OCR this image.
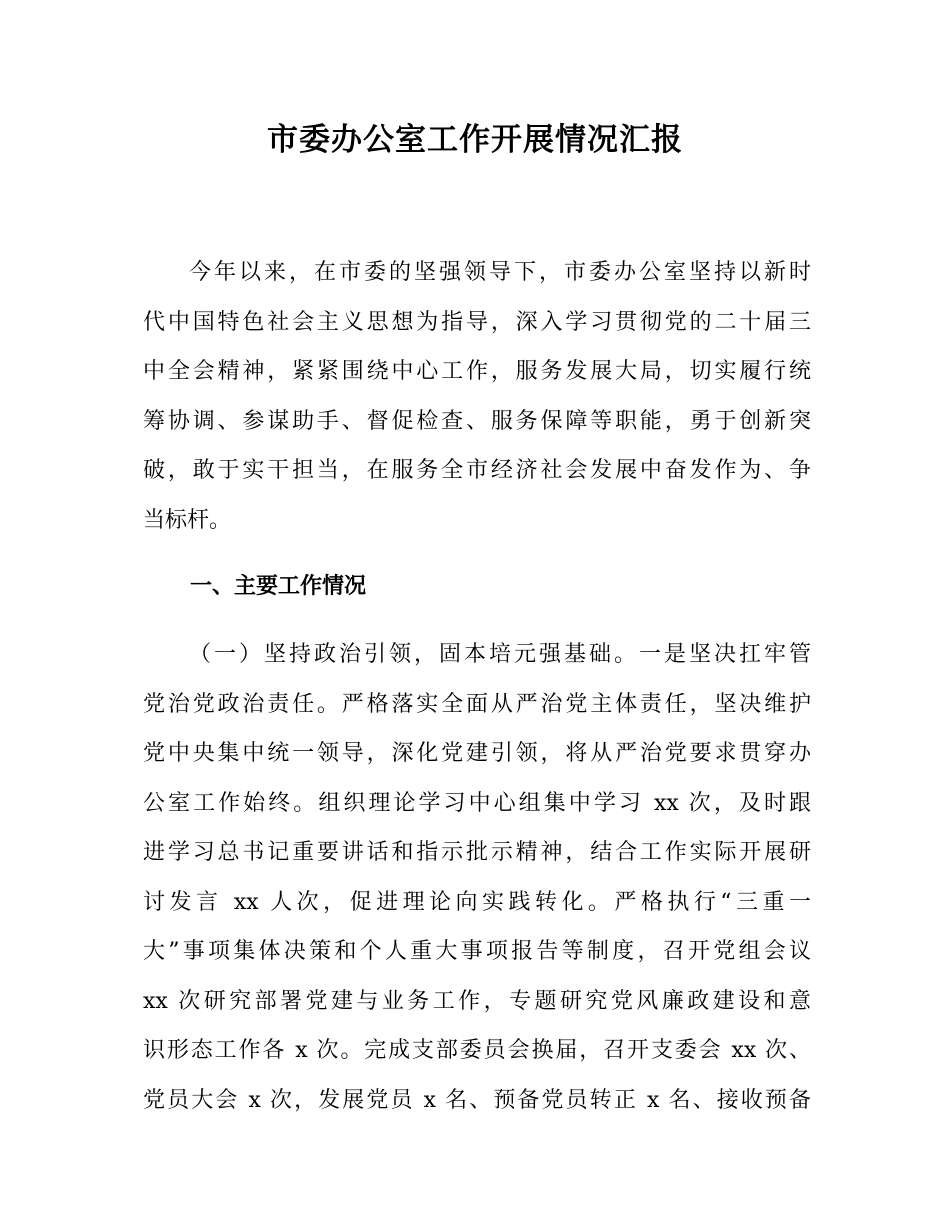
市委办公室工作开展情况汇报
今年以来，在市委的坚强领导下，市委办公室坚持以新时
代中国特色社会主义思想为指导，深入学习贯彻党的二十届三
中全会精神，紧紧围绕中心工作，服务发展大局，切实履行统
筹协调、参谋助手、督促检查、服务保障等职能，勇于创新突
破，敢于实干担当，在服务全市经济社会发展中奋发作为、争
当标杆。
一、主要工作情况
（一）坚持政治引领，固本培元强基础。一是坚决扛牢管
党治党政治责任。严格落实全面从严治党主体责任，坚决维护
党中央集中统一领导，深化党建引领，将从严治党要求贯穿办
公室工作始终。组织理论学习中心组集中学习 xx 次，及时跟
进学习总书记重要讲话和指示批示精神，结合工作实际开展研
讨发言 xx 人次，促进理论向实践转化。严格执行“三重一
大”事项集体决策和个人重大事项报告等制度，召开党组会议
xx 次研究部署党建与业务工作，专题研究党风廉政建设和意
识形态工作各 x 次。完成支部委员会换届，召开支委会 xx 次、
党员大会 x 次，发展党员 x 名、预备党员转正 x 名、接收预备
